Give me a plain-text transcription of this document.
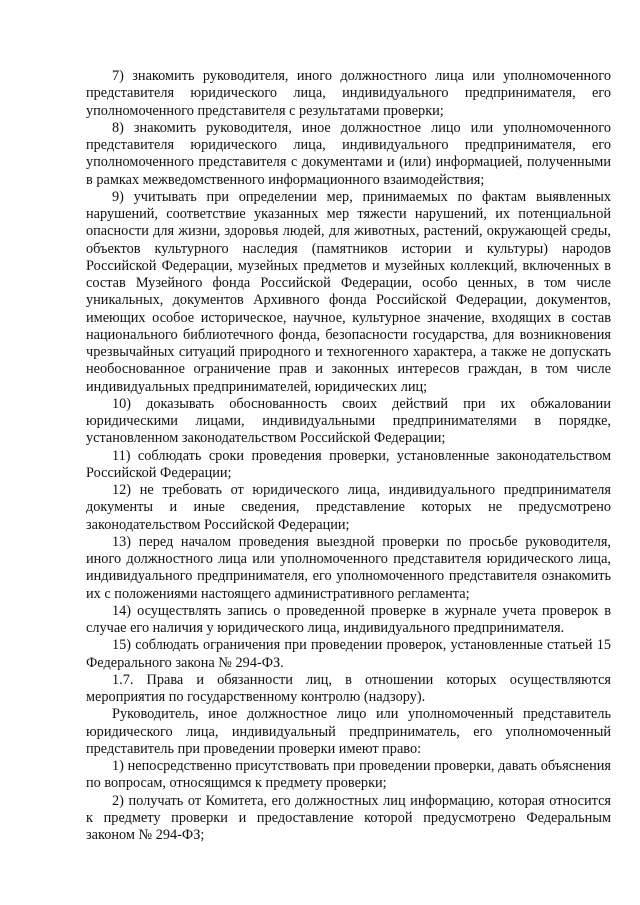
7) знакомить руководителя, иного должностного лица или уполномоченного представителя юридического лица, индивидуального предпринимателя, его уполномоченного представителя с результатами проверки;

8) знакомить руководителя, иное должностное лицо или уполномоченного представителя юридического лица, индивидуального предпринимателя, его уполномоченного представителя с документами и (или) информацией, полученными в рамках межведомственного информационного взаимодействия;

9) учитывать при определении мер, принимаемых по фактам выявленных нарушений, соответствие указанных мер тяжести нарушений, их потенциальной опасности для жизни, здоровья людей, для животных, растений, окружающей среды, объектов культурного наследия (памятников истории и культуры) народов Российской Федерации, музейных предметов и музейных коллекций, включенных в состав Музейного фонда Российской Федерации, особо ценных, в том числе уникальных, документов Архивного фонда Российской Федерации, документов, имеющих особое историческое, научное, культурное значение, входящих в состав национального библиотечного фонда, безопасности государства, для возникновения чрезвычайных ситуаций природного и техногенного характера, а также не допускать необоснованное ограничение прав и законных интересов граждан, в том числе индивидуальных предпринимателей, юридических лиц;

10) доказывать обоснованность своих действий при их обжаловании юридическими лицами, индивидуальными предпринимателями в порядке, установленном законодательством Российской Федерации;

11) соблюдать сроки проведения проверки, установленные законодательством Российской Федерации;

12) не требовать от юридического лица, индивидуального предпринимателя документы и иные сведения, представление которых не предусмотрено законодательством Российской Федерации;

13) перед началом проведения выездной проверки по просьбе руководителя, иного должностного лица или уполномоченного представителя юридического лица, индивидуального предпринимателя, его уполномоченного представителя ознакомить их с положениями настоящего административного регламента;

14) осуществлять запись о проведенной проверке в журнале учета проверок в случае его наличия у юридического лица, индивидуального предпринимателя.

15) соблюдать ограничения при проведении проверок, установленные статьей 15 Федерального закона № 294-ФЗ.

1.7. Права и обязанности лиц, в отношении которых осуществляются мероприятия по государственному контролю (надзору).

Руководитель, иное должностное лицо или уполномоченный представитель юридического лица, индивидуальный предприниматель, его уполномоченный представитель при проведении проверки имеют право:

1) непосредственно присутствовать при проведении проверки, давать объяснения по вопросам, относящимся к предмету проверки;

2) получать от Комитета, его должностных лиц информацию, которая относится к предмету проверки и предоставление которой предусмотрено Федеральным законом № 294-ФЗ;
